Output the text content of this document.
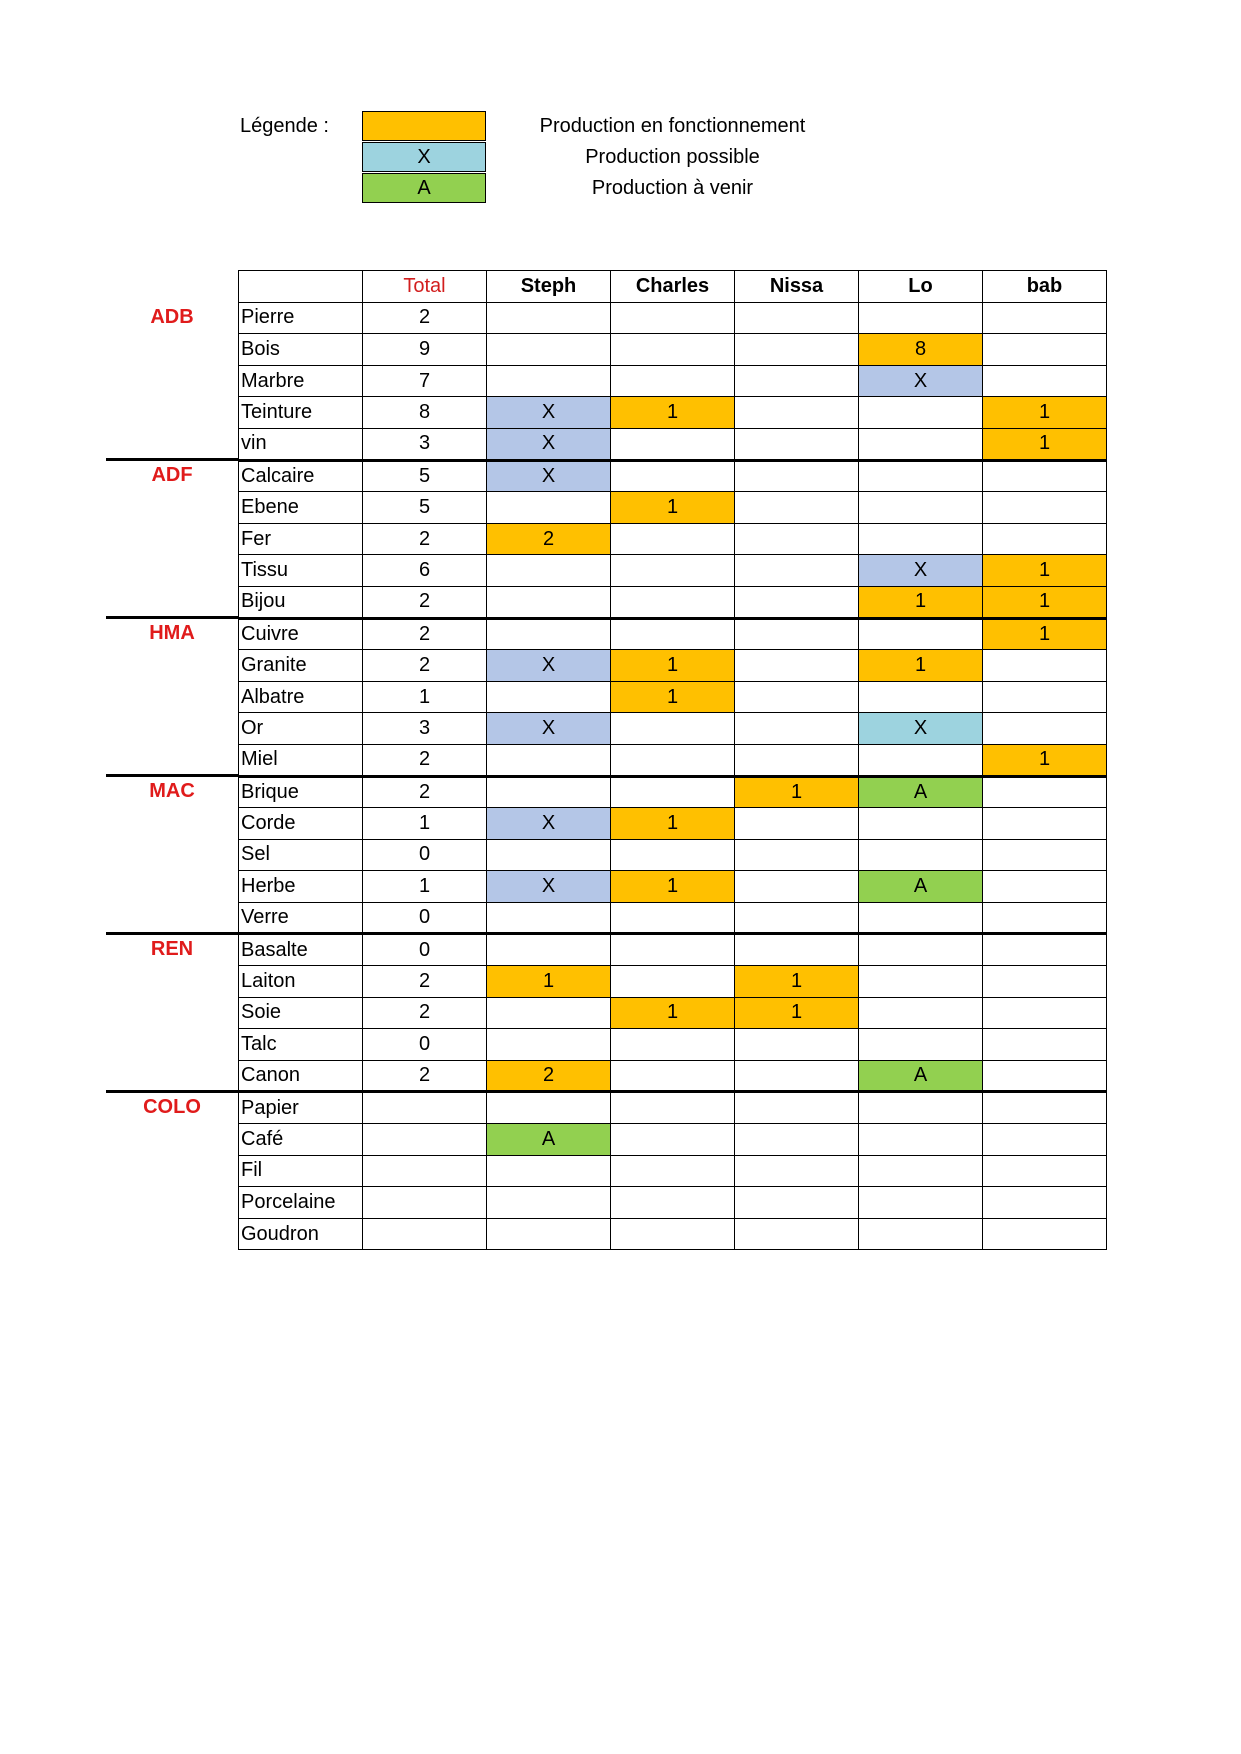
Légende :	Production en fonctionnement
X	Production possible
A	Production à venir
ADB
ADF
HMA
MAC
REN
COLO
	Total	Steph	Charles	Nissa	Lo	bab
Pierre	2					
Bois	9				8	
Marbre	7				X	
Teinture	8	X	1			1
vin	3	X				1
Calcaire	5	X				
Ebene	5		1			
Fer	2	2				
Tissu	6				X	1
Bijou	2				1	1
Cuivre	2					1
Granite	2	X	1		1	
Albatre	1		1			
Or	3	X			X	
Miel	2					1
Brique	2			1	A	
Corde	1	X	1			
Sel	0					
Herbe	1	X	1		A	
Verre	0					
Basalte	0					
Laiton	2	1		1		
Soie	2		1	1		
Talc	0					
Canon	2	2			A	
Papier						
Café		A				
Fil						
Porcelaine						
Goudron						
